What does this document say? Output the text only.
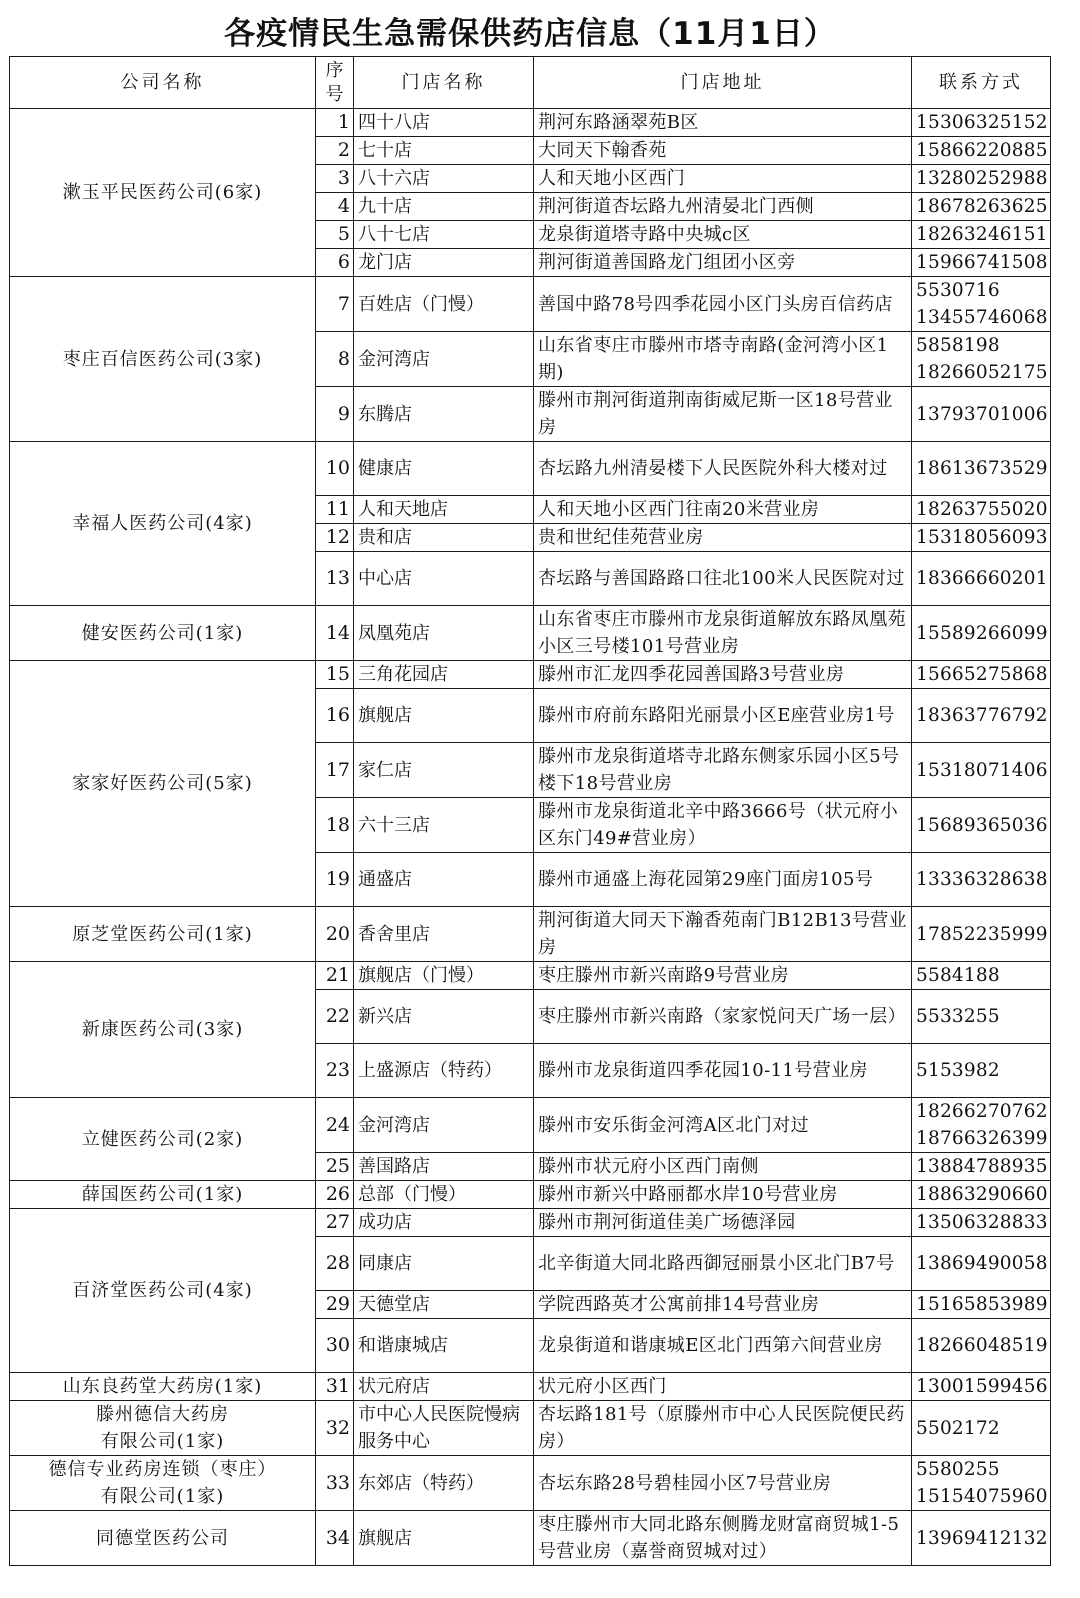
各疫情民生急需保供药店信息（11月1日）
公司名称	序
号	门店名称	门店地址	联系方式
漱玉平民医药公司(6家)	1	四十八店	荆河东路涵翠苑B区	15306325152

	2	七十店	大同天下翰香苑	15866220885

	3	八十六店	人和天地小区西门	13280252988

	4	九十店	荆河街道杏坛路九州清晏北门西侧	18678263625

	5	八十七店	龙泉街道塔寺路中央城c区	18263246151

	6	龙门店	荆河街道善国路龙门组团小区旁	15966741508

枣庄百信医药公司(3家)	7	百姓店（门慢）	善国中路78号四季花园小区门头房百信药店	5530716
13455746068

	8	金河湾店	山东省枣庄市滕州市塔寺南路(金河湾小区1期)	5858198
18266052175

	9	东腾店	滕州市荆河街道荆南街威尼斯一区18号营业房	13793701006

幸福人医药公司(4家)	10	健康店	杏坛路九州清晏楼下人民医院外科大楼对过	18613673529

	11	人和天地店	人和天地小区西门往南20米营业房	18263755020

	12	贵和店	贵和世纪佳苑营业房	15318056093

	13	中心店	杏坛路与善国路路口往北100米人民医院对过	18366660201

健安医药公司(1家)	14	凤凰苑店	山东省枣庄市滕州市龙泉街道解放东路凤凰苑小区三号楼101号营业房	15589266099

家家好医药公司(5家)	15	三角花园店	滕州市汇龙四季花园善国路3号营业房	15665275868

	16	旗舰店	滕州市府前东路阳光丽景小区E座营业房1号	18363776792

	17	家仁店	滕州市龙泉街道塔寺北路东侧家乐园小区5号楼下18号营业房	15318071406

	18	六十三店	滕州市龙泉街道北辛中路3666号（状元府小区东门49#营业房）	15689365036

	19	通盛店	滕州市通盛上海花园第29座门面房105号	13336328638

原芝堂医药公司(1家)	20	香舍里店	荆河街道大同天下瀚香苑南门B12B13号营业房	17852235999

新康医药公司(3家)	21	旗舰店（门慢）	枣庄滕州市新兴南路9号营业房	5584188

	22	新兴店	枣庄滕州市新兴南路（家家悦问天广场一层）	5533255

	23	上盛源店（特药）	滕州市龙泉街道四季花园10-11号营业房	5153982

立健医药公司(2家)	24	金河湾店	滕州市安乐街金河湾A区北门对过	18266270762
18766326399

	25	善国路店	滕州市状元府小区西门南侧	13884788935

薛国医药公司(1家)	26	总部（门慢）	滕州市新兴中路丽都水岸10号营业房	18863290660

百济堂医药公司(4家)	27	成功店	滕州市荆河街道佳美广场德泽园	13506328833

	28	同康店	北辛街道大同北路西御冠丽景小区北门B7号	13869490058

	29	天德堂店	学院西路英才公寓前排14号营业房	15165853989

	30	和谐康城店	龙泉街道和谐康城E区北门西第六间营业房	18266048519

山东良药堂大药房(1家)	31	状元府店	状元府小区西门	13001599456

滕州德信大药房
有限公司(1家)	32	市中心人民医院慢病服务中心	杏坛路181号（原滕州市中心人民医院便民药房）	5502172

德信专业药房连锁（枣庄）
有限公司(1家)	33	东郊店（特药）	杏坛东路28号碧桂园小区7号营业房	5580255
15154075960

同德堂医药公司	34	旗舰店	枣庄滕州市大同北路东侧腾龙财富商贸城1-5号营业房（嘉誉商贸城对过）	13969412132
